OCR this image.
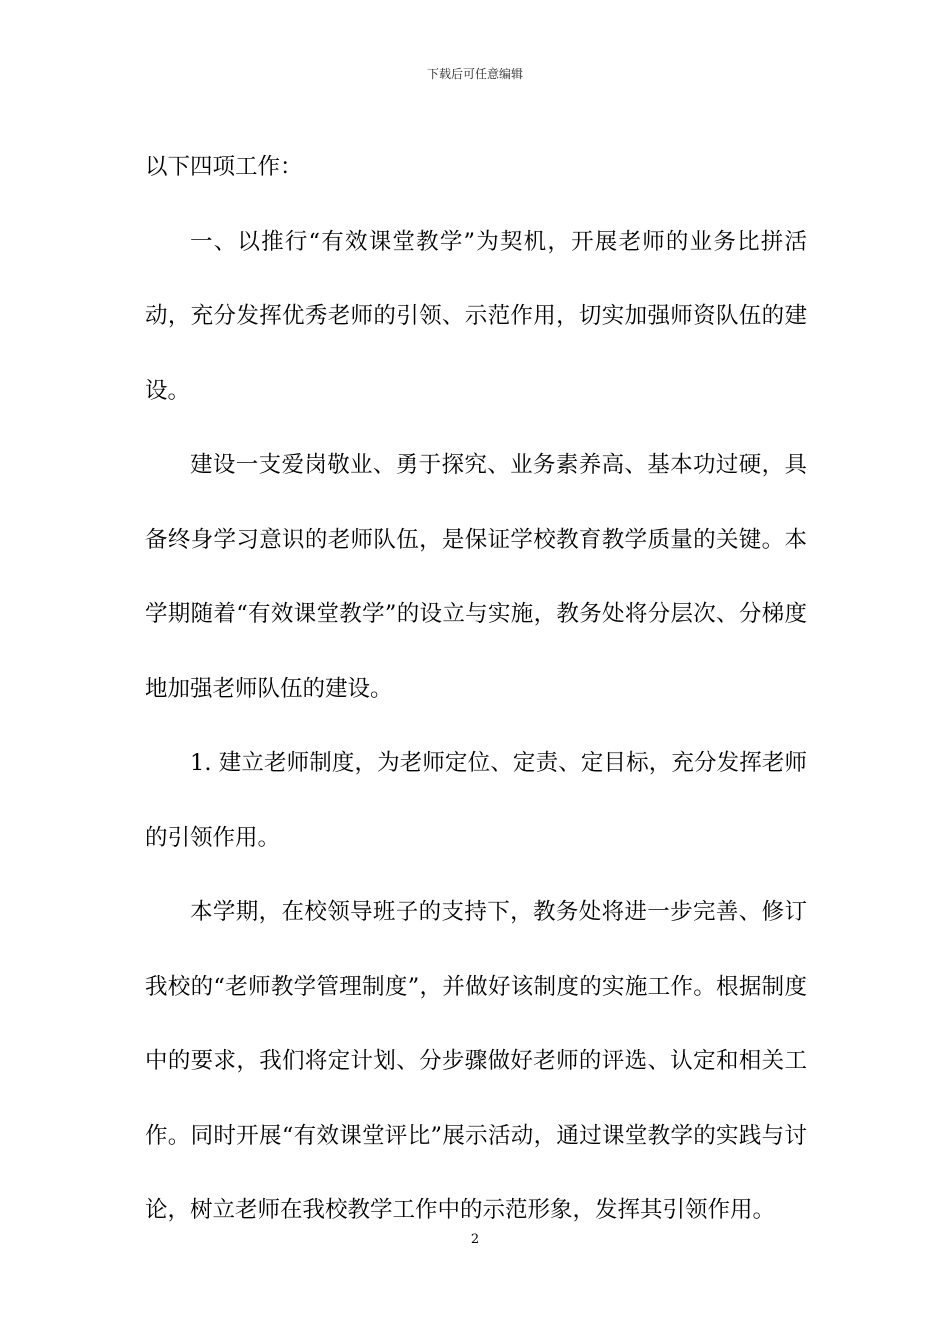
下载后可任意编辑

以下四项工作：

一、以推行“有效课堂教学”为契机，开展老师的业务比拼活动，充分发挥优秀老师的引领、示范作用，切实加强师资队伍的建设。

建设一支爱岗敬业、勇于探究、业务素养高、基本功过硬，具备终身学习意识的老师队伍，是保证学校教育教学质量的关键。本学期随着“有效课堂教学”的设立与实施，教务处将分层次、分梯度地加强老师队伍的建设。

1. 建立老师制度，为老师定位、定责、定目标，充分发挥老师的引领作用。

本学期，在校领导班子的支持下，教务处将进一步完善、修订我校的“老师教学管理制度”，并做好该制度的实施工作。根据制度中的要求，我们将定计划、分步骤做好老师的评选、认定和相关工作。同时开展“有效课堂评比”展示活动，通过课堂教学的实践与讨论，树立老师在我校教学工作中的示范形象，发挥其引领作用。

2
